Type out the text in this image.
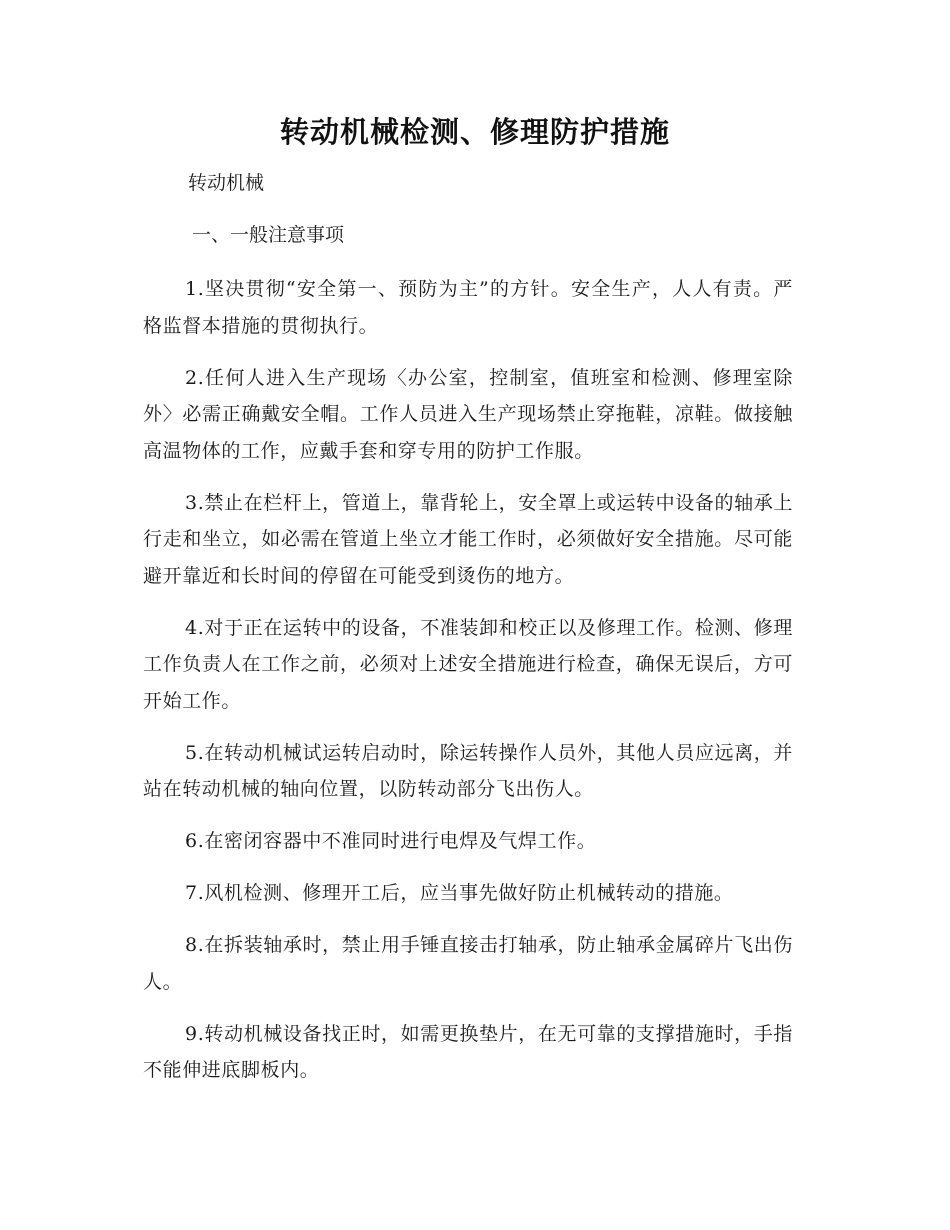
转动机械检测、修理防护措施
转动机械
一、一般注意事项

1.坚决贯彻“安全第一、预防为主”的方针。安全生产，人人有责。严格监督本措施的贯彻执行。

2.任何人进入生产现场〈办公室，控制室，值班室和检测、修理室除外〉必需正确戴安全帽。工作人员进入生产现场禁止穿拖鞋，凉鞋。做接触高温物体的工作，应戴手套和穿专用的防护工作服。

3.禁止在栏杆上，管道上，靠背轮上，安全罩上或运转中设备的轴承上行走和坐立，如必需在管道上坐立才能工作时，必须做好安全措施。尽可能避开靠近和长时间的停留在可能受到烫伤的地方。

4.对于正在运转中的设备，不准装卸和校正以及修理工作。检测、修理工作负责人在工作之前，必须对上述安全措施进行检查，确保无误后，方可开始工作。

5.在转动机械试运转启动时，除运转操作人员外，其他人员应远离，并站在转动机械的轴向位置，以防转动部分飞出伤人。

6.在密闭容器中不准同时进行电焊及气焊工作。

7.风机检测、修理开工后，应当事先做好防止机械转动的措施。

8.在拆装轴承时，禁止用手锤直接击打轴承，防止轴承金属碎片飞出伤人。

9.转动机械设备找正时，如需更换垫片，在无可靠的支撑措施时，手指不能伸进底脚板内。
